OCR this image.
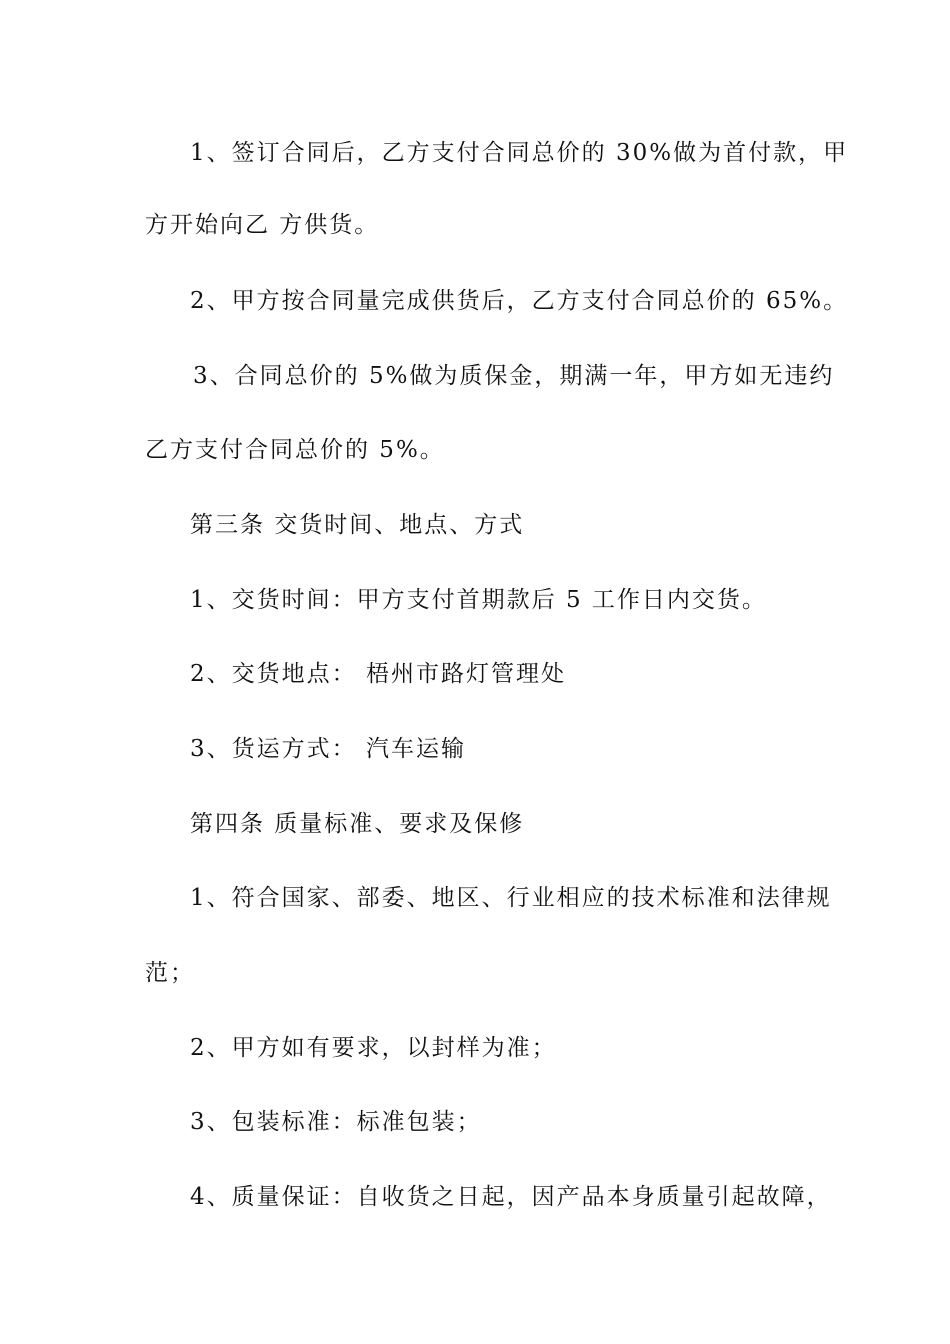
1、签订合同后，乙方支付合同总价的 30%做为首付款，甲
方开始向乙 方供货。
2、甲方按合同量完成供货后，乙方支付合同总价的 65%。
3、合同总价的 5%做为质保金，期满一年，甲方如无违约
乙方支付合同总价的 5%。
第三条 交货时间、地点、方式
1、交货时间：甲方支付首期款后 5 工作日内交货。
2、交货地点： 梧州市路灯管理处
3、货运方式： 汽车运输
第四条 质量标准、要求及保修
1、符合国家、部委、地区、行业相应的技术标准和法律规
范；
2、甲方如有要求，以封样为准；
3、包装标准：标准包装；
4、质量保证：自收货之日起，因产品本身质量引起故障，
